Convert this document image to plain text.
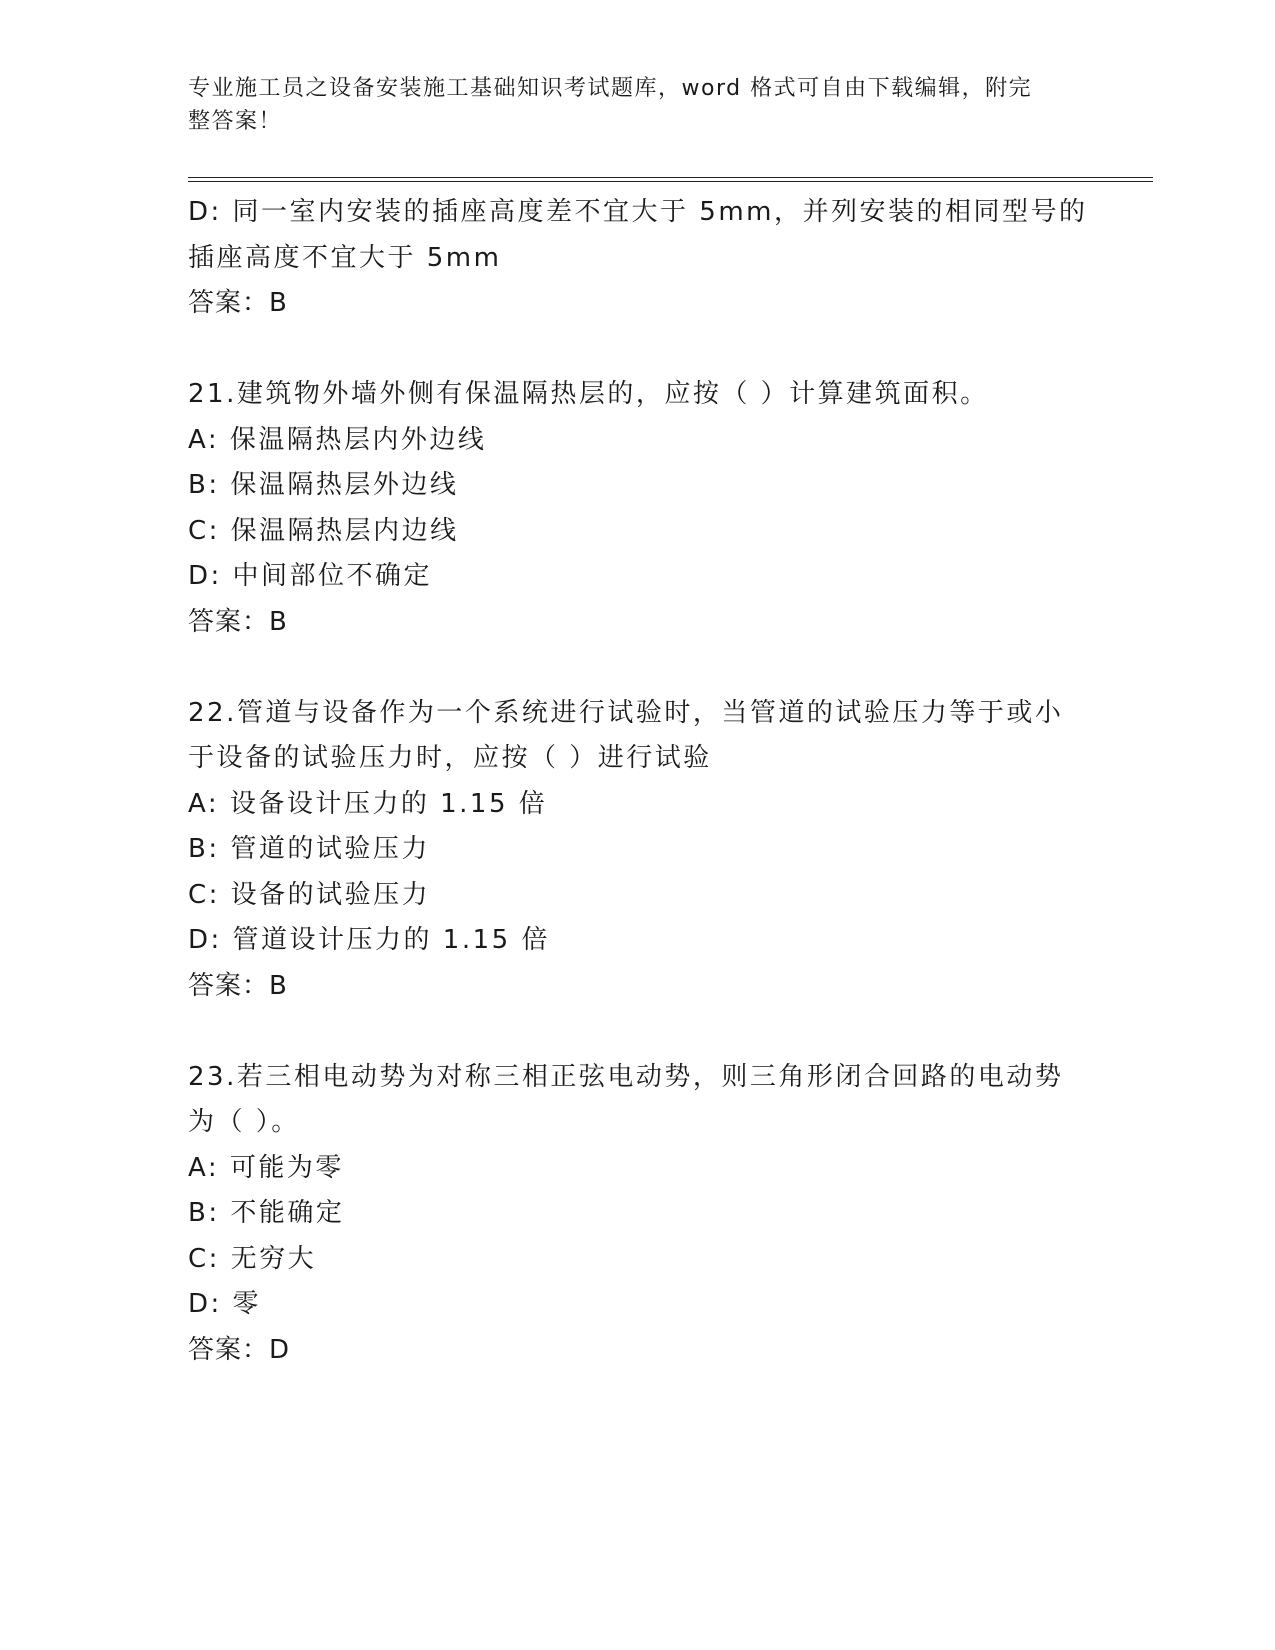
专业施工员之设备安装施工基础知识考试题库，word 格式可自由下载编辑，附完
整答案！
D: 同一室内安装的插座高度差不宜大于 5mm，并列安装的相同型号的
插座高度不宜大于 5mm
答案：B
21.建筑物外墙外侧有保温隔热层的，应按（ ）计算建筑面积。
A: 保温隔热层内外边线
B: 保温隔热层外边线
C: 保温隔热层内边线
D: 中间部位不确定
答案：B
22.管道与设备作为一个系统进行试验时，当管道的试验压力等于或小
于设备的试验压力时，应按（ ）进行试验
A: 设备设计压力的 1.15 倍
B: 管道的试验压力
C: 设备的试验压力
D: 管道设计压力的 1.15 倍
答案：B
23.若三相电动势为对称三相正弦电动势，则三角形闭合回路的电动势
为（ ）。
A: 可能为零
B: 不能确定
C: 无穷大
D: 零
答案：D
